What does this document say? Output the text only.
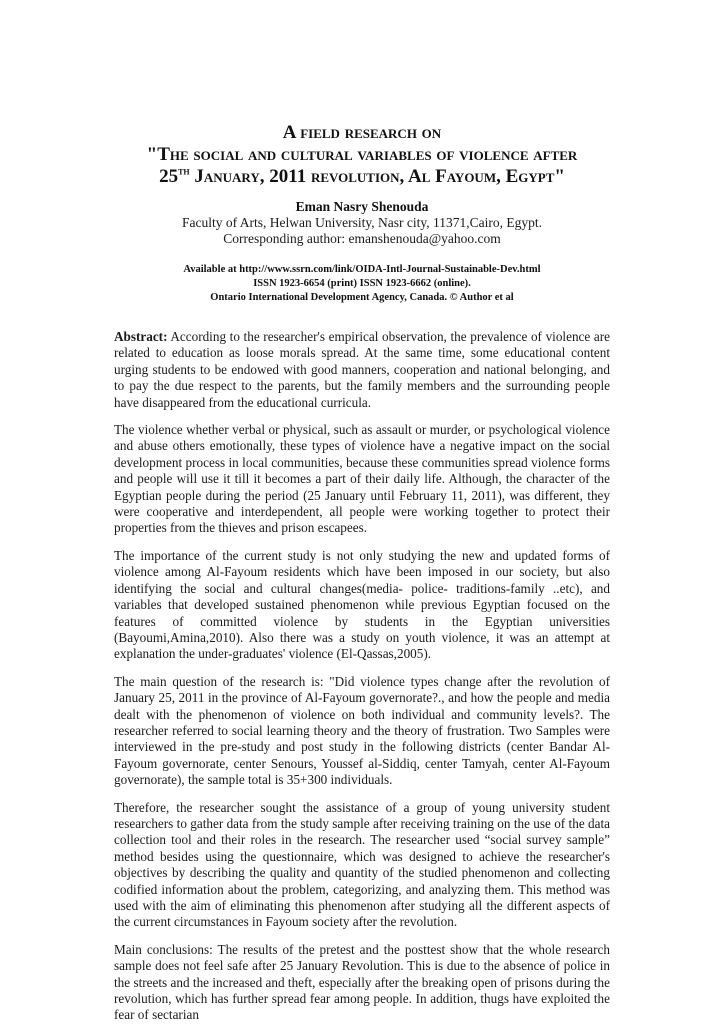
A field research on
"The social and cultural variables of violence after
25th January, 2011 revolution, Al Fayoum, Egypt"
Eman Nasry Shenouda
Faculty of Arts, Helwan University, Nasr city, 11371,Cairo, Egypt.
Corresponding author: emanshenouda@yahoo.com
Available at http://www.ssrn.com/link/OIDA-Intl-Journal-Sustainable-Dev.html
ISSN 1923-6654 (print) ISSN 1923-6662 (online).
Ontario International Development Agency, Canada. © Author et al

Abstract: According to the researcher's empirical observation, the prevalence of violence are related to education as loose morals spread. At the same time, some educational content urging students to be endowed with good manners, cooperation and national belonging, and to pay the due respect to the parents, but the family members and the surrounding people have disappeared from the educational curricula.

The violence whether verbal or physical, such as assault or murder, or psychological violence and abuse others emotionally, these types of violence have a negative impact on the social development process in local communities, because these communities spread violence forms and people will use it till it becomes a part of their daily life. Although, the character of the Egyptian people during the period (25 January until February 11, 2011), was different, they were cooperative and interdependent, all people were working together to protect their properties from the thieves and prison escapees.

The importance of the current study is not only studying the new and updated forms of violence among Al-Fayoum residents which have been imposed in our society, but also identifying the social and cultural changes(media- police- traditions-family ..etc), and variables that developed sustained phenomenon while previous Egyptian focused on the features of committed violence by students in the Egyptian universities (Bayoumi,Amina,2010). Also there was a study on youth violence, it was an attempt at explanation the under-graduates' violence (El-Qassas,2005).

The main question of the research is: "Did violence types change after the revolution of January 25, 2011 in the province of Al-Fayoum governorate?., and how the people and media dealt with the phenomenon of violence on both individual and community levels?. The researcher referred to social learning theory and the theory of frustration. Two Samples were interviewed in the pre-study and post study in the following districts (center Bandar Al-Fayoum governorate, center Senours, Youssef al-Siddiq, center Tamyah, center Al-Fayoum governorate), the sample total is 35+300 individuals.

Therefore, the researcher sought the assistance of a group of young university student researchers to gather data from the study sample after receiving training on the use of the data collection tool and their roles in the research. The researcher used “social survey sample” method besides using the questionnaire, which was designed to achieve the researcher's objectives by describing the quality and quantity of the studied phenomenon and collecting codified information about the problem, categorizing, and analyzing them. This method was used with the aim of eliminating this phenomenon after studying all the different aspects of the current circumstances in Fayoum society after the revolution.

Main conclusions: The results of the pretest and the posttest show that the whole research sample does not feel safe after 25 January Revolution. This is due to the absence of police in the streets and the increased and theft, especially after the breaking open of prisons during the revolution, which has further spread fear among people. In addition, thugs have exploited the fear of sectarian
